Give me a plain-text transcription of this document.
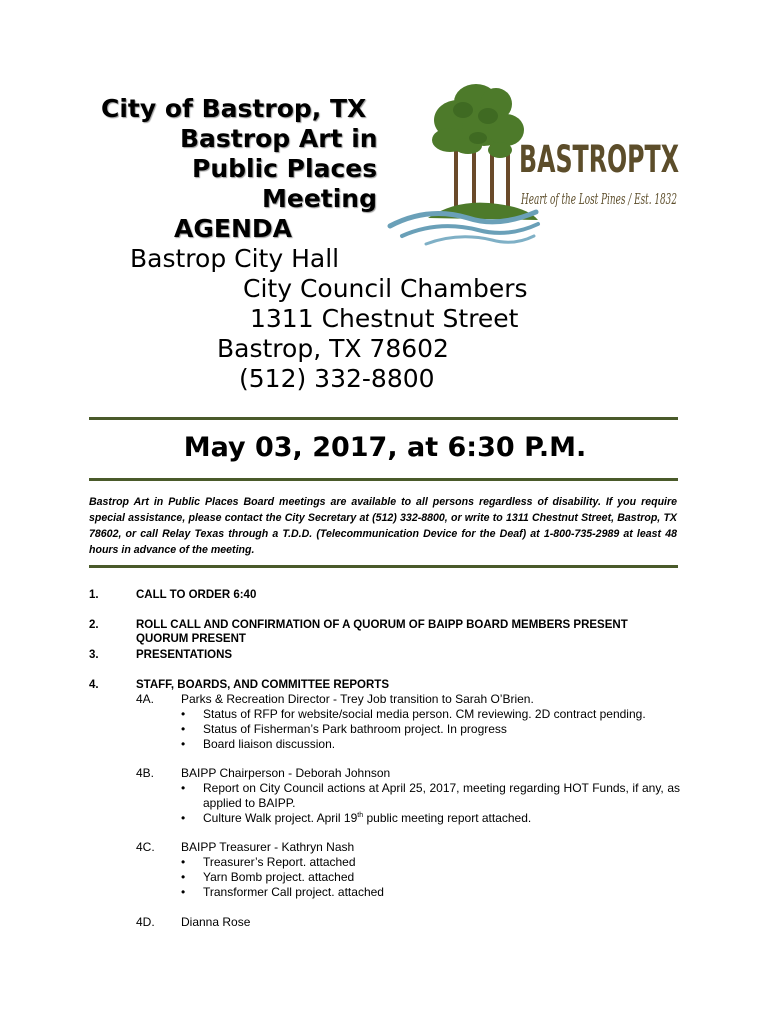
City of Bastrop, TX
Bastrop Art in
Public Places
Meeting
AGENDA
Bastrop City Hall
City Council Chambers
1311 Chestnut Street
Bastrop, TX 78602
(512) 332-8800
BASTROPTX
Heart of the Lost Pines / Est. 1832
May 03, 2017, at 6:30 P.M.
Bastrop Art in Public Places Board meetings are available to all persons regardless of disability. If you require special assistance, please contact the City Secretary at (512) 332-8800, or write to 1311 Chestnut Street, Bastrop, TX 78602, or call Relay Texas through a T.D.D. (Telecommunication Device for the Deaf) at 1-800-735-2989 at least 48 hours in advance of the meeting.
1.	CALL TO ORDER 6:40
2.	ROLL CALL AND CONFIRMATION OF A QUORUM OF BAIPP BOARD MEMBERS PRESENT
QUORUM PRESENT
3.	PRESENTATIONS
4.	STAFF, BOARDS, AND COMMITTEE REPORTS
4A. Parks & Recreation Director - Trey Job transition to Sarah O’Brien.
• Status of RFP for website/social media person. CM reviewing. 2D contract pending.
• Status of Fisherman’s Park bathroom project. In progress
• Board liaison discussion.
4B. BAIPP Chairperson - Deborah Johnson
• Report on City Council actions at April 25, 2017, meeting regarding HOT Funds, if any, as applied to BAIPP.
• Culture Walk project. April 19th public meeting report attached.
4C. BAIPP Treasurer - Kathryn Nash
• Treasurer’s Report. attached
• Yarn Bomb project. attached
• Transformer Call project. attached
4D. Dianna Rose
